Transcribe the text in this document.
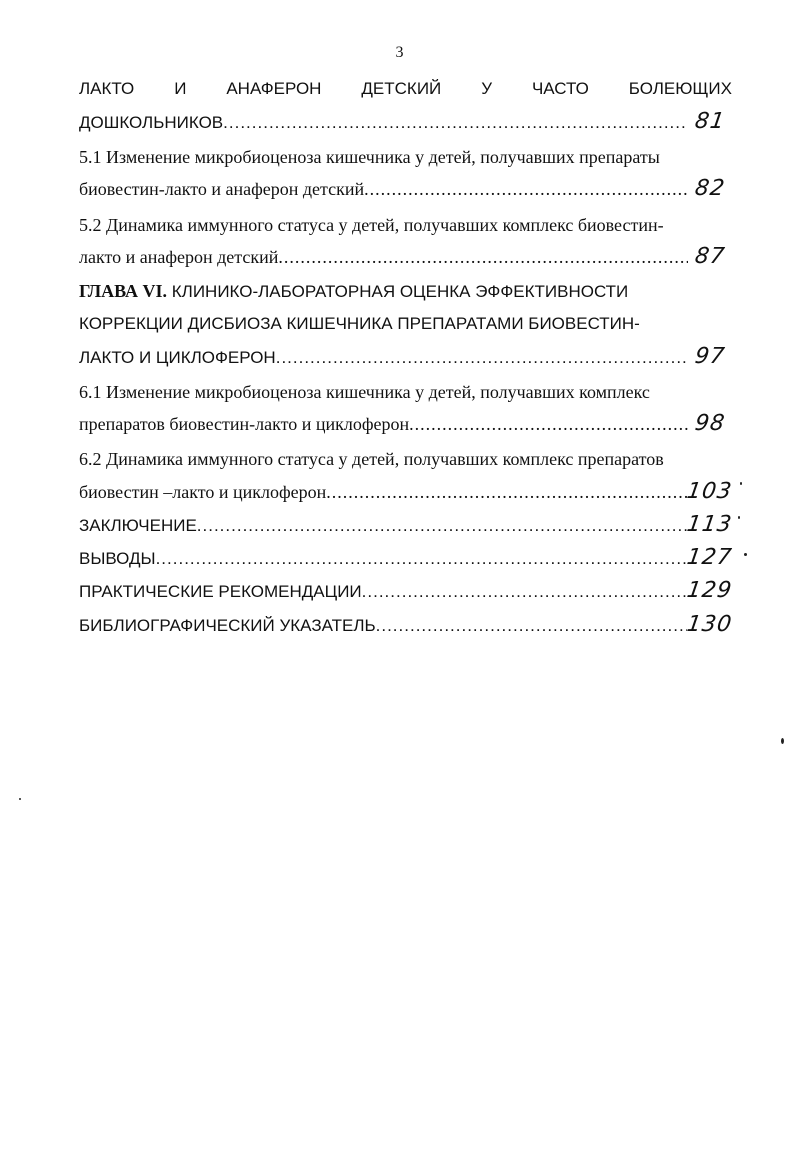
3
ЛАКТО И АНАФЕРОН ДЕТСКИЙ У ЧАСТО БОЛЕЮЩИХ
ДОШКОЛЬНИКОВ .....	81
5.1 Изменение микробиоценоза кишечника у детей, получавших препараты
биовестин-лакто и анаферон детский .....	82
5.2 Динамика иммунного статуса у детей, получавших комплекс биовестин-
лакто и анаферон детский .....	87
ГЛАВА VI. КЛИНИКО-ЛАБОРАТОРНАЯ ОЦЕНКА ЭФФЕКТИВНОСТИ
КОРРЕКЦИИ ДИСБИОЗА КИШЕЧНИКА ПРЕПАРАТАМИ БИОВЕСТИН-
ЛАКТО И ЦИКЛОФЕРОН .....	97
6.1 Изменение микробиоценоза кишечника у детей, получавших комплекс
препаратов биовестин-лакто и циклоферон .....	98
6.2 Динамика иммунного статуса у детей, получавших комплекс препаратов
биовестин –лакто и циклоферон .....	103
ЗАКЛЮЧЕНИЕ .....	113
ВЫВОДЫ .....	127
ПРАКТИЧЕСКИЕ РЕКОМЕНДАЦИИ .....	129
БИБЛИОГРАФИЧЕСКИЙ УКАЗАТЕЛЬ .....	130
